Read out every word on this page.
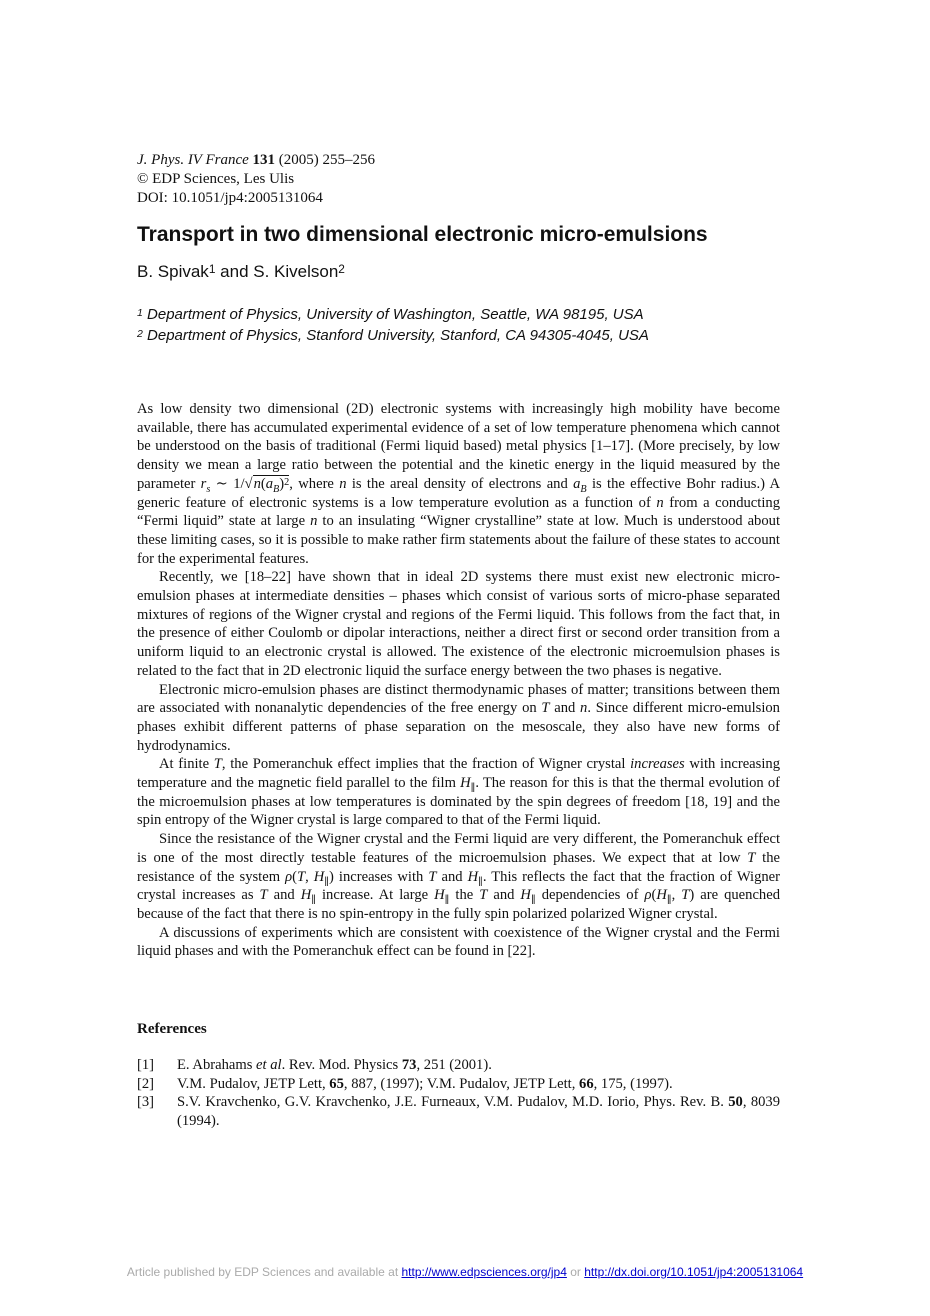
J. Phys. IV France 131 (2005) 255–256
© EDP Sciences, Les Ulis
DOI: 10.1051/jp4:2005131064
Transport in two dimensional electronic micro-emulsions
B. Spivak$^1$ and S. Kivelson$^2$
$^1$ Department of Physics, University of Washington, Seattle, WA 98195, USA
$^2$ Department of Physics, Stanford University, Stanford, CA 94305-4045, USA

As low density two dimensional (2D) electronic systems with increasingly high mobility have become available, there has accumulated experimental evidence of a set of low temperature phenomena which cannot be understood on the basis of traditional (Fermi liquid based) metal physics [1–17]. (More precisely, by low density we mean a large ratio between the potential and the kinetic energy in the liquid measured by the parameter $r_s$ ∼ $1/√n(a_B)^2$, where n is the areal density of electrons and $a_B$ is the effective Bohr radius.) A generic feature of electronic systems is a low temperature evolution as a function of n from a conducting “Fermi liquid” state at large n to an insulating “Wigner crystalline” state at low. Much is understood about these limiting cases, so it is possible to make rather firm statements about the failure of these states to account for the experimental features.

Recently, we [18–22] have shown that in ideal 2D systems there must exist new electronic micro-emulsion phases at intermediate densities – phases which consist of various sorts of micro-phase separated mixtures of regions of the Wigner crystal and regions of the Fermi liquid. This follows from the fact that, in the presence of either Coulomb or dipolar interactions, neither a direct first or second order transition from a uniform liquid to an electronic crystal is allowed. The existence of the electronic microemulsion phases is related to the fact that in 2D electronic liquid the surface energy between the two phases is negative.

Electronic micro-emulsion phases are distinct thermodynamic phases of matter; transitions between them are associated with nonanalytic dependencies of the free energy on T and n. Since different micro-emulsion phases exhibit different patterns of phase separation on the mesoscale, they also have new forms of hydrodynamics.

At finite T, the Pomeranchuk effect implies that the fraction of Wigner crystal increases with increasing temperature and the magnetic field parallel to the film $H_\parallel$. The reason for this is that the thermal evolution of the microemulsion phases at low temperatures is dominated by the spin degrees of freedom [18, 19] and the spin entropy of the Wigner crystal is large compared to that of the Fermi liquid.

Since the resistance of the Wigner crystal and the Fermi liquid are very different, the Pomeranchuk effect is one of the most directly testable features of the microemulsion phases. We expect that at low T the resistance of the system ρ(T, $H_\parallel$) increases with T and $H_\parallel$. This reflects the fact that the fraction of Wigner crystal increases as T and $H_\parallel$ increase. At large $H_\parallel$ the T and $H_\parallel$ dependencies of $\rho(H_\parallel$, T) are quenched because of the fact that there is no spin-entropy in the fully spin polarized polarized Wigner crystal.

A discussions of experiments which are consistent with coexistence of the Wigner crystal and the Fermi liquid phases and with the Pomeranchuk effect can be found in [22].

References
[1]	E. Abrahams et al. Rev. Mod. Physics 73, 251 (2001).
[2]	V.M. Pudalov, JETP Lett, 65, 887, (1997); V.M. Pudalov, JETP Lett, 66, 175, (1997).
[3]	S.V. Kravchenko, G.V. Kravchenko, J.E. Furneaux, V.M. Pudalov, M.D. Iorio, Phys. Rev. B. 50, 8039 (1994).
Article published by EDP Sciences and available at http://www.edpsciences.org/jp4 or http://dx.doi.org/10.1051/jp4:2005131064
